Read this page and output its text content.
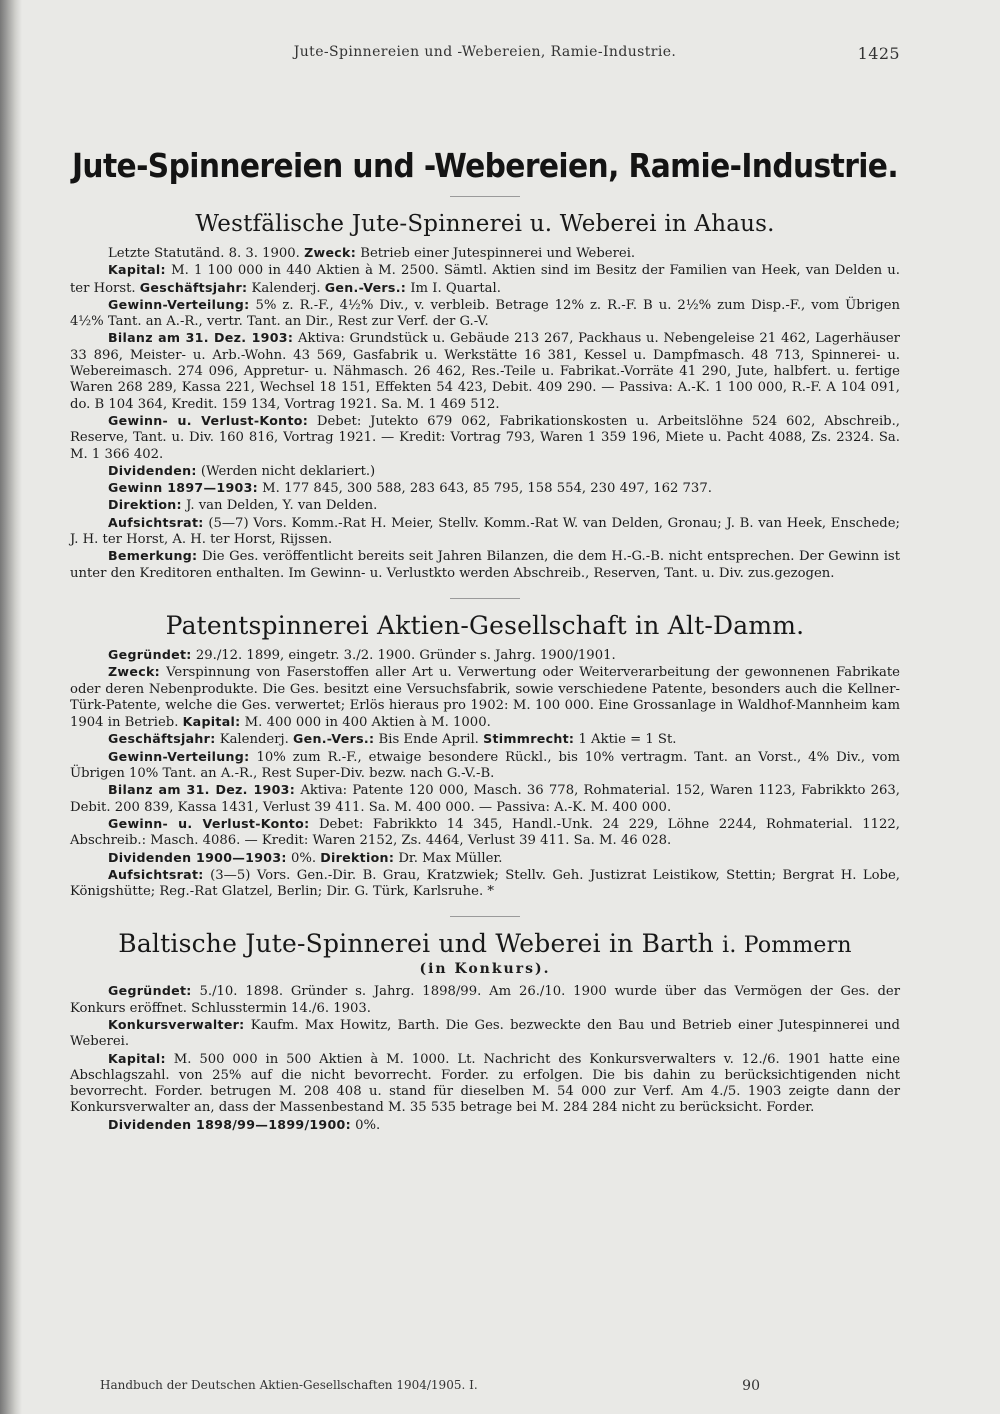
Jute-Spinnereien und -Webereien, Ramie-Industrie.	1425
Jute-Spinnereien und -Webereien, Ramie-Industrie.
Westfälische Jute-Spinnerei u. Weberei in Ahaus.

Letzte Statutänd. 8. 3. 1900. Zweck: Betrieb einer Jutespinnerei und Weberei.

Kapital: M. 1 100 000 in 440 Aktien à M. 2500. Sämtl. Aktien sind im Besitz der Familien van Heek, van Delden u. ter Horst. Geschäftsjahr: Kalenderj. Gen.-Vers.: Im I. Quartal.

Gewinn-Verteilung: 5% z. R.-F., 4½% Div., v. verbleib. Betrage 12% z. R.-F. B u. 2½% zum Disp.-F., vom Übrigen 4½% Tant. an A.-R., vertr. Tant. an Dir., Rest zur Verf. der G.-V.

Bilanz am 31. Dez. 1903: Aktiva: Grundstück u. Gebäude 213 267, Packhaus u. Nebengeleise 21 462, Lagerhäuser 33 896, Meister- u. Arb.-Wohn. 43 569, Gasfabrik u. Werkstätte 16 381, Kessel u. Dampfmasch. 48 713, Spinnerei- u. Webereimasch. 274 096, Appretur- u. Nähmasch. 26 462, Res.-Teile u. Fabrikat.-Vorräte 41 290, Jute, halbfert. u. fertige Waren 268 289, Kassa 221, Wechsel 18 151, Effekten 54 423, Debit. 409 290. — Passiva: A.-K. 1 100 000, R.-F. A 104 091, do. B 104 364, Kredit. 159 134, Vortrag 1921. Sa. M. 1 469 512.

Gewinn- u. Verlust-Konto: Debet: Jutekto 679 062, Fabrikationskosten u. Arbeitslöhne 524 602, Abschreib., Reserve, Tant. u. Div. 160 816, Vortrag 1921. — Kredit: Vortrag 793, Waren 1 359 196, Miete u. Pacht 4088, Zs. 2324. Sa. M. 1 366 402.

Dividenden: (Werden nicht deklariert.)

Gewinn 1897—1903: M. 177 845, 300 588, 283 643, 85 795, 158 554, 230 497, 162 737.

Direktion: J. van Delden, Y. van Delden.

Aufsichtsrat: (5—7) Vors. Komm.-Rat H. Meier, Stellv. Komm.-Rat W. van Delden, Gronau; J. B. van Heek, Enschede; J. H. ter Horst, A. H. ter Horst, Rijssen.

Bemerkung: Die Ges. veröffentlicht bereits seit Jahren Bilanzen, die dem H.-G.-B. nicht entsprechen. Der Gewinn ist unter den Kreditoren enthalten. Im Gewinn- u. Verlustkto werden Abschreib., Reserven, Tant. u. Div. zus.gezogen.

Patentspinnerei Aktien-Gesellschaft in Alt-Damm.

Gegründet: 29./12. 1899, eingetr. 3./2. 1900. Gründer s. Jahrg. 1900/1901.

Zweck: Verspinnung von Faserstoffen aller Art u. Verwertung oder Weiterverarbeitung der gewonnenen Fabrikate oder deren Nebenprodukte. Die Ges. besitzt eine Versuchsfabrik, sowie verschiedene Patente, besonders auch die Kellner-Türk-Patente, welche die Ges. verwertet; Erlös hieraus pro 1902: M. 100 000. Eine Grossanlage in Waldhof-Mannheim kam 1904 in Betrieb. Kapital: M. 400 000 in 400 Aktien à M. 1000.

Geschäftsjahr: Kalenderj. Gen.-Vers.: Bis Ende April. Stimmrecht: 1 Aktie = 1 St.

Gewinn-Verteilung: 10% zum R.-F., etwaige besondere Rückl., bis 10% vertragm. Tant. an Vorst., 4% Div., vom Übrigen 10% Tant. an A.-R., Rest Super-Div. bezw. nach G.-V.-B.

Bilanz am 31. Dez. 1903: Aktiva: Patente 120 000, Masch. 36 778, Rohmaterial. 152, Waren 1123, Fabrikkto 263, Debit. 200 839, Kassa 1431, Verlust 39 411. Sa. M. 400 000. — Passiva: A.-K. M. 400 000.

Gewinn- u. Verlust-Konto: Debet: Fabrikkto 14 345, Handl.-Unk. 24 229, Löhne 2244, Rohmaterial. 1122, Abschreib.: Masch. 4086. — Kredit: Waren 2152, Zs. 4464, Verlust 39 411. Sa. M. 46 028.

Dividenden 1900—1903: 0%. Direktion: Dr. Max Müller.

Aufsichtsrat: (3—5) Vors. Gen.-Dir. B. Grau, Kratzwiek; Stellv. Geh. Justizrat Leistikow, Stettin; Bergrat H. Lobe, Königshütte; Reg.-Rat Glatzel, Berlin; Dir. G. Türk, Karlsruhe. *

Baltische Jute-Spinnerei und Weberei in Barth i. Pommern
(in Konkurs).

Gegründet: 5./10. 1898. Gründer s. Jahrg. 1898/99. Am 26./10. 1900 wurde über das Vermögen der Ges. der Konkurs eröffnet. Schlusstermin 14./6. 1903.

Konkursverwalter: Kaufm. Max Howitz, Barth. Die Ges. bezweckte den Bau und Betrieb einer Jutespinnerei und Weberei.

Kapital: M. 500 000 in 500 Aktien à M. 1000. Lt. Nachricht des Konkursverwalters v. 12./6. 1901 hatte eine Abschlagszahl. von 25% auf die nicht bevorrecht. Forder. zu erfolgen. Die bis dahin zu berücksichtigenden nicht bevorrecht. Forder. betrugen M. 208 408 u. stand für dieselben M. 54 000 zur Verf. Am 4./5. 1903 zeigte dann der Konkursverwalter an, dass der Massenbestand M. 35 535 betrage bei M. 284 284 nicht zu berücksicht. Forder.

Dividenden 1898/99—1899/1900: 0%.

Handbuch der Deutschen Aktien-Gesellschaften 1904/1905. I.	90
